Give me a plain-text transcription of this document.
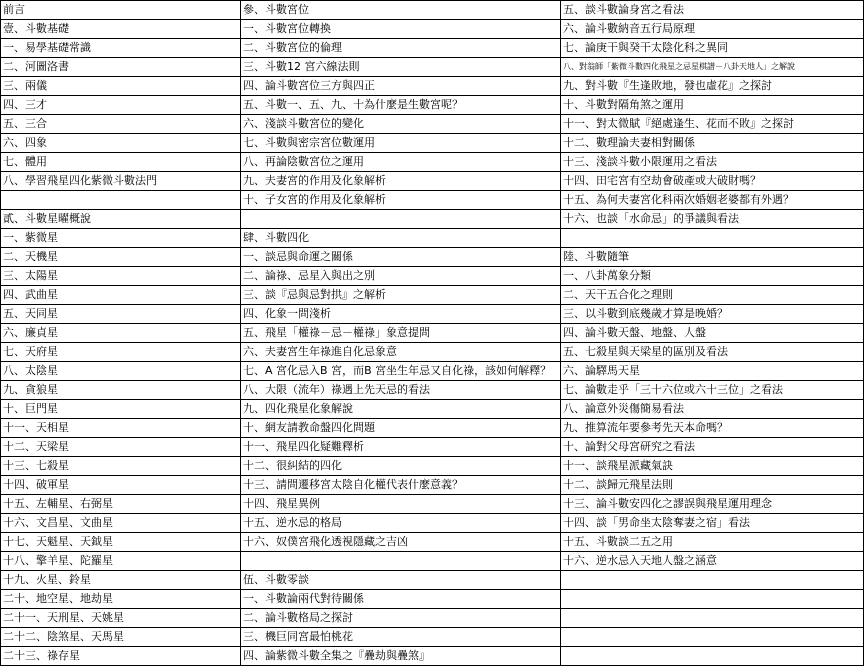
前言	參、斗數宮位	五、談斗數論身宮之看法
壹、斗數基礎	一、斗數宮位轉換	六、論斗數納音五行局原理
一、易學基礎常識	二、斗數宮位的倫理	七、論庚干與癸干太陰化科之異同
二、河圖洛書	三、斗數12 宮六線法則	八、對翁師「紫微斗數四化飛星之忌星棋譜－八卦天地人」之解說
三、兩儀	四、論斗數宮位三方與四正	九、對斗數『生逢敗地，發也虛花』之探討
四、三才	五、斗數一、五、九、十為什麼是生數宮呢？	十、斗數對隔角煞之運用
五、三合	六、淺談斗數宮位的變化	十一、對太微賦『絕處逢生、花而不敗』之探討
六、四象	七、斗數與密宗宮位數運用	十二、數理論夫妻相對關係
七、體用	八、再論陰數宮位之運用	十三、淺談斗數小限運用之看法
八、學習飛星四化紫微斗數法門	九、夫妻宮的作用及化象解析	十四、田宅宮有空劫會破產或大破財嗎？
	十、子女宮的作用及化象解析	十五、為何夫妻宮化科兩次婚姻老婆都有外遇？
貳、斗數星曜概說		十六、也談「水命忌」的爭議與看法
一、紫微星	肆、斗數四化	
二、天機星	一、談忌與命運之關係	陸、斗數隨筆
三、太陽星	二、論祿、忌星入與出之別	一、八卦萬象分類
四、武曲星	三、談『忌與忌對拱』之解析	二、天干五合化之理則
五、天同星	四、化象一問淺析	三、以斗數到底幾歲才算是晚婚？
六、廉貞星	五、飛星「權祿－忌－權祿」象意提問	四、論斗數天盤、地盤、人盤
七、天府星	六、夫妻宮生年祿進自化忌象意	五、七殺星與天梁星的區別及看法
八、太陰星	七、A 宮化忌入B 宮，而B 宮坐生年忌又自化祿，該如何解釋？	六、論驛馬天星
九、貪狼星	八、大限（流年）祿遇上先天忌的看法	七、論數走乎「三十六位或六十三位」之看法
十、巨門星	九、四化飛星化象解說	八、論意外災傷簡易看法
十一、天相星	十、網友請教命盤四化問題	九、推算流年要參考先天本命嗎？
十二、天梁星	十一、飛星四化疑難釋析	十、論對父母宮研究之看法
十三、七殺星	十二、很糾結的四化	十一、談飛星派藏氣訣
十四、破軍星	十三、請問遷移宮太陰自化權代表什麼意義？	十二、談歸元飛星法則
十五、左輔星、右弼星	十四、飛星異例	十三、論斗數安四化之謬誤與飛星運用理念
十六、文昌星、文曲星	十五、逆水忌的格局	十四、談「男命坐太陰奪妻之宿」看法
十七、天魁星、天鉞星	十六、奴僕宮飛化透視隱藏之吉凶	十五、斗數談二五之用
十八、擎羊星、陀羅星		十六、逆水忌入天地人盤之涵意
十九、火星、鈴星	伍、斗數零談	
二十、地空星、地劫星	一、斗數論兩代對待關係	
二十一、天刑星、天姚星	二、論斗數格局之探討	
二十二、陰煞星、天馬星	三、機巨同宮最怕桃花	
二十三、祿存星	四、論紫微斗數全集之『疊劫與疊煞』	
